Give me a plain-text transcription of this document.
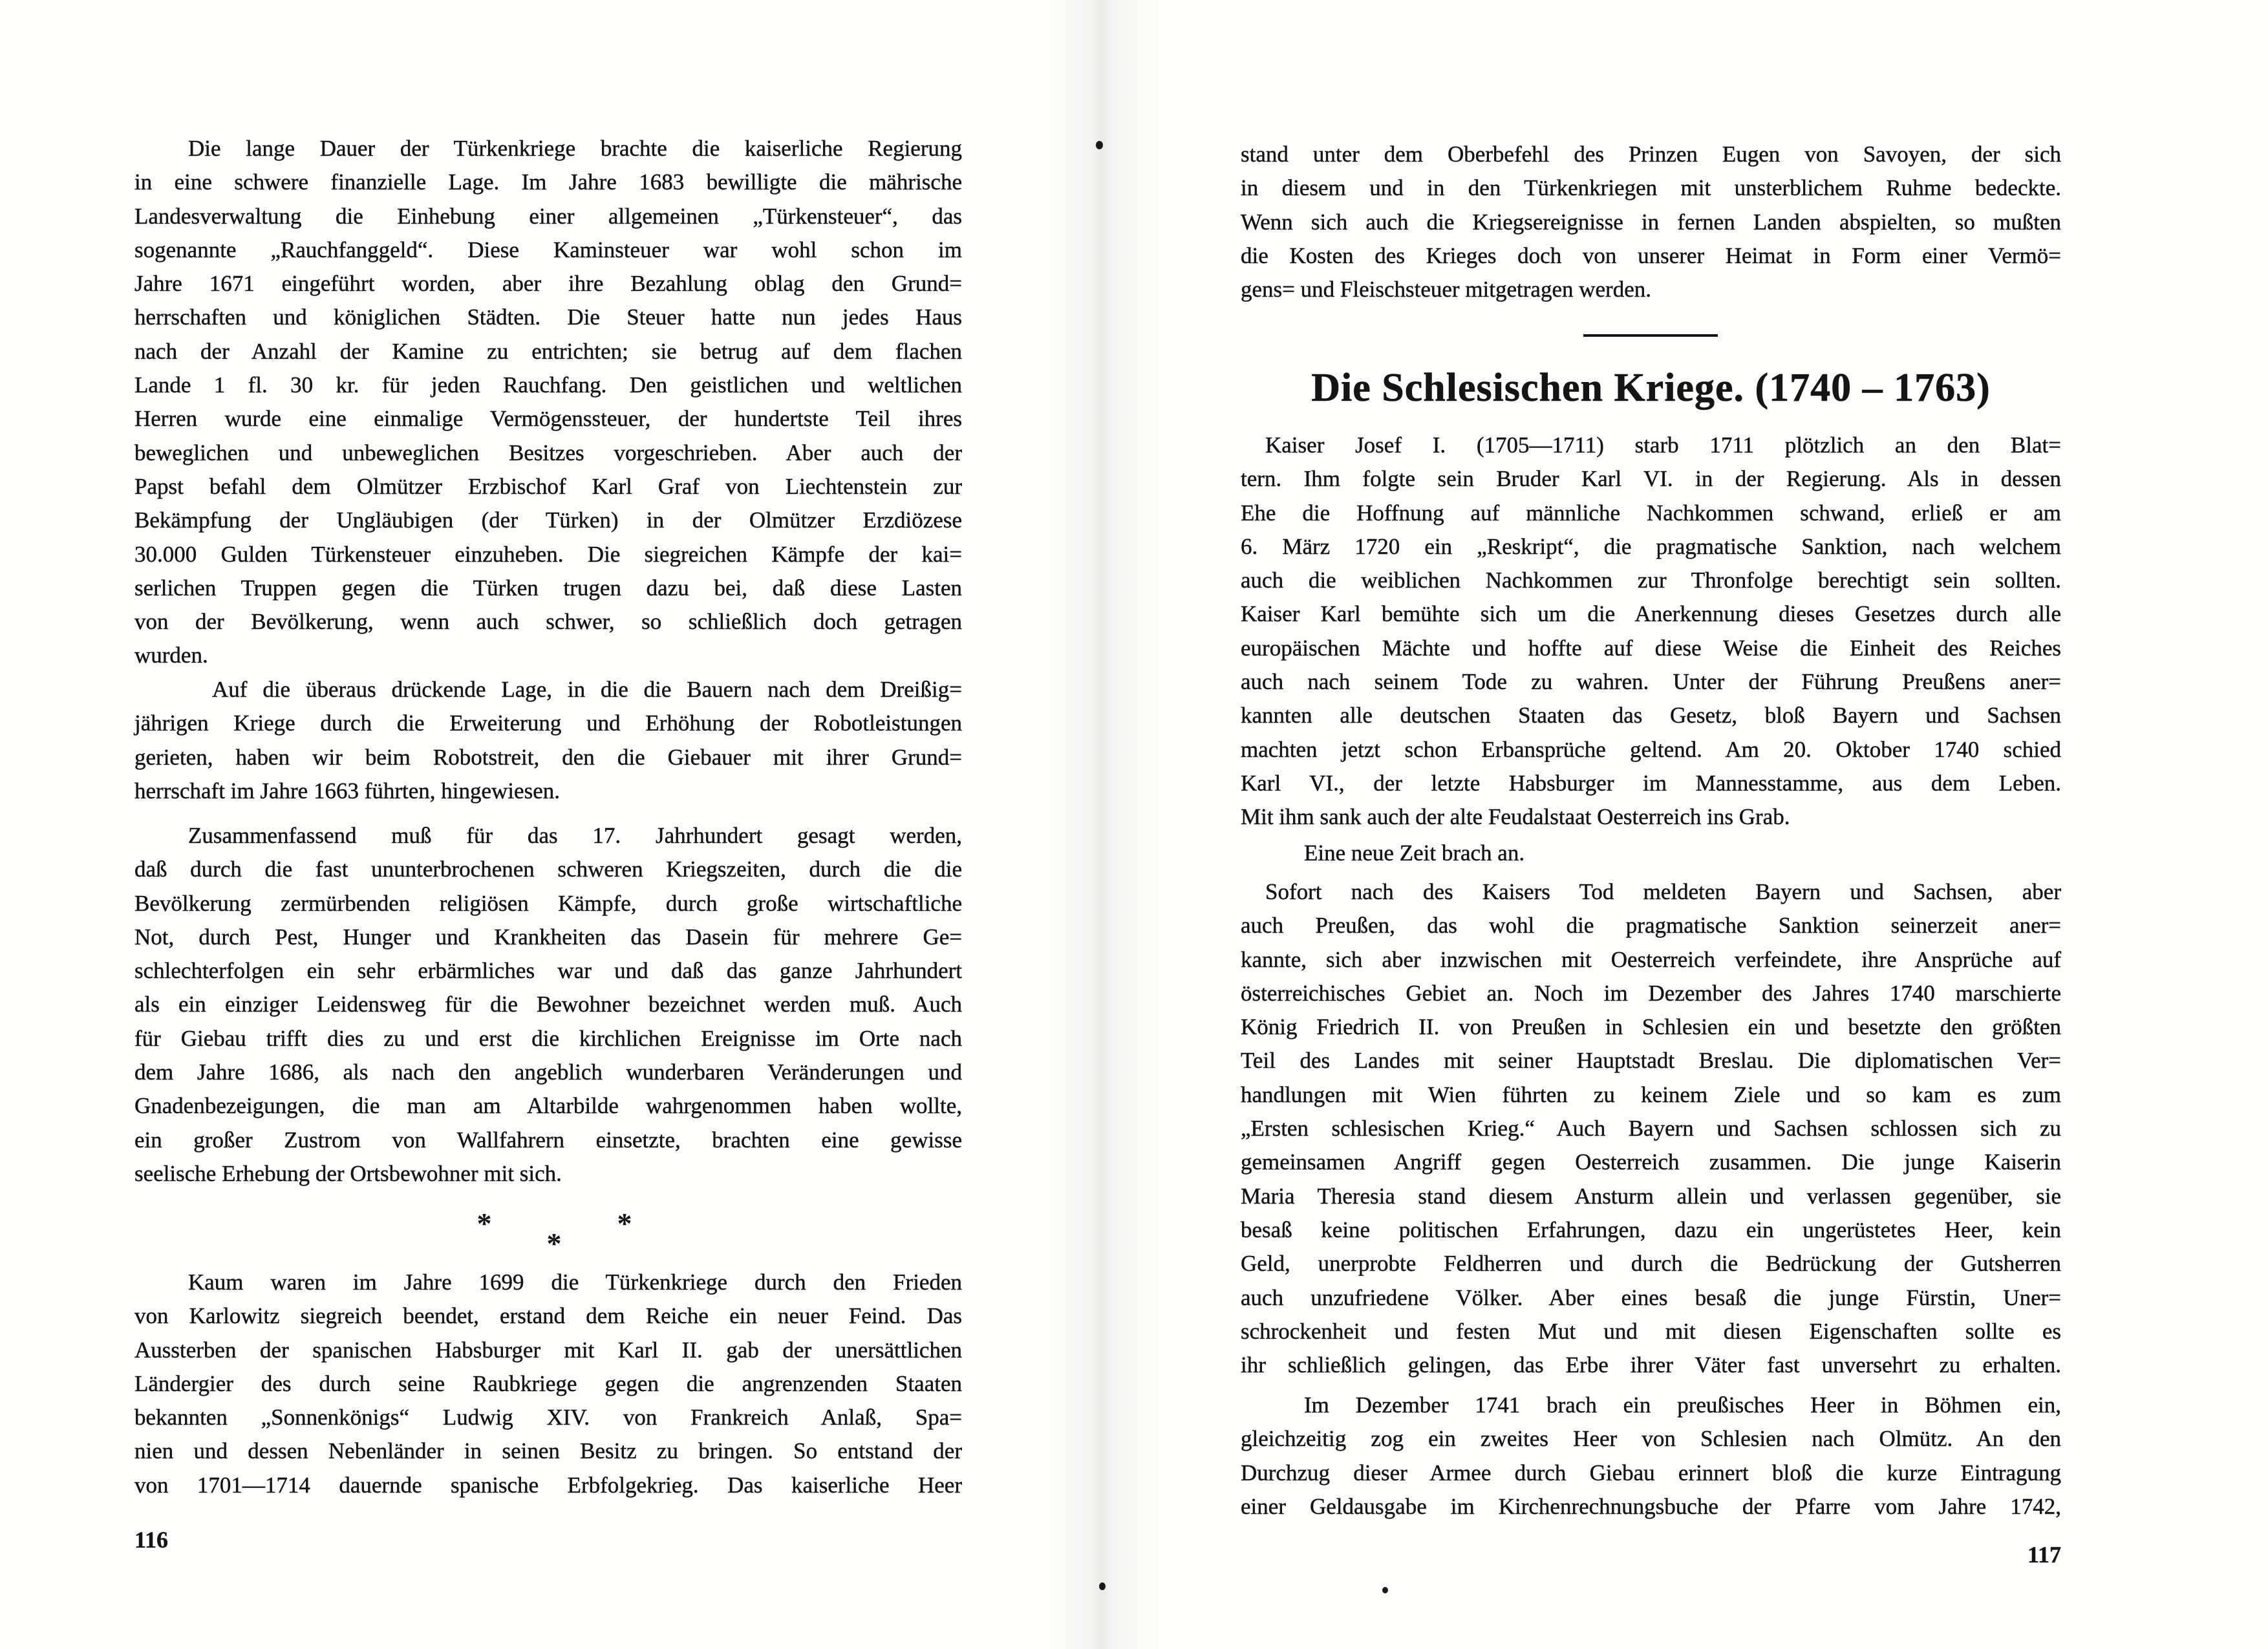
Die lange Dauer der Türkenkriege brachte die kaiserliche Regierung
in eine schwere finanzielle Lage. Im Jahre 1683 bewilligte die mährische
Landesverwaltung die Einhebung einer allgemeinen „Türkensteuer“, das
sogenannte „Rauchfanggeld“. Diese Kaminsteuer war wohl schon im
Jahre 1671 eingeführt worden, aber ihre Bezahlung oblag den Grund=
herrschaften und königlichen Städten. Die Steuer hatte nun jedes Haus
nach der Anzahl der Kamine zu entrichten; sie betrug auf dem flachen
Lande 1 fl. 30 kr. für jeden Rauchfang. Den geistlichen und weltlichen
Herren wurde eine einmalige Vermögenssteuer, der hundertste Teil ihres
beweglichen und unbeweglichen Besitzes vorgeschrieben. Aber auch der
Papst befahl dem Olmützer Erzbischof Karl Graf von Liechtenstein zur
Bekämpfung der Ungläubigen (der Türken) in der Olmützer Erzdiözese
30.000 Gulden Türkensteuer einzuheben. Die siegreichen Kämpfe der kai=
serlichen Truppen gegen die Türken trugen dazu bei, daß diese Lasten
von der Bevölkerung, wenn auch schwer, so schließlich doch getragen
wurden.
Auf die überaus drückende Lage, in die die Bauern nach dem Dreißig=
jährigen Kriege durch die Erweiterung und Erhöhung der Robotleistungen
gerieten, haben wir beim Robotstreit, den die Giebauer mit ihrer Grund=
herrschaft im Jahre 1663 führten, hingewiesen.
Zusammenfassend muß für das 17. Jahrhundert gesagt werden,
daß durch die fast ununterbrochenen schweren Kriegszeiten, durch die die
Bevölkerung zermürbenden religiösen Kämpfe, durch große wirtschaftliche
Not, durch Pest, Hunger und Krankheiten das Dasein für mehrere Ge=
schlechterfolgen ein sehr erbärmliches war und daß das ganze Jahrhundert
als ein einziger Leidensweg für die Bewohner bezeichnet werden muß. Auch
für Giebau trifft dies zu und erst die kirchlichen Ereignisse im Orte nach
dem Jahre 1686, als nach den angeblich wunderbaren Veränderungen und
Gnadenbezeigungen, die man am Altarbilde wahrgenommen haben wollte,
ein großer Zustrom von Wallfahrern einsetzte, brachten eine gewisse
seelische Erhebung der Ortsbewohner mit sich.
*
*
*
Kaum waren im Jahre 1699 die Türkenkriege durch den Frieden
von Karlowitz siegreich beendet, erstand dem Reiche ein neuer Feind. Das
Aussterben der spanischen Habsburger mit Karl II. gab der unersättlichen
Ländergier des durch seine Raubkriege gegen die angrenzenden Staaten
bekannten „Sonnenkönigs“ Ludwig XIV. von Frankreich Anlaß, Spa=
nien und dessen Nebenländer in seinen Besitz zu bringen. So entstand der
von 1701—1714 dauernde spanische Erbfolgekrieg. Das kaiserliche Heer
116
stand unter dem Oberbefehl des Prinzen Eugen von Savoyen, der sich
in diesem und in den Türkenkriegen mit unsterblichem Ruhme bedeckte.
Wenn sich auch die Kriegsereignisse in fernen Landen abspielten, so mußten
die Kosten des Krieges doch von unserer Heimat in Form einer Vermö=
gens= und Fleischsteuer mitgetragen werden.
Die Schlesischen Kriege. (1740 – 1763)
Kaiser Josef I. (1705—1711) starb 1711 plötzlich an den Blat=
tern. Ihm folgte sein Bruder Karl VI. in der Regierung. Als in dessen
Ehe die Hoffnung auf männliche Nachkommen schwand, erließ er am
6. März 1720 ein „Reskript“, die pragmatische Sanktion, nach welchem
auch die weiblichen Nachkommen zur Thronfolge berechtigt sein sollten.
Kaiser Karl bemühte sich um die Anerkennung dieses Gesetzes durch alle
europäischen Mächte und hoffte auf diese Weise die Einheit des Reiches
auch nach seinem Tode zu wahren. Unter der Führung Preußens aner=
kannten alle deutschen Staaten das Gesetz, bloß Bayern und Sachsen
machten jetzt schon Erbansprüche geltend. Am 20. Oktober 1740 schied
Karl VI., der letzte Habsburger im Mannesstamme, aus dem Leben.
Mit ihm sank auch der alte Feudalstaat Oesterreich ins Grab.
Eine neue Zeit brach an.
Sofort nach des Kaisers Tod meldeten Bayern und Sachsen, aber
auch Preußen, das wohl die pragmatische Sanktion seinerzeit aner=
kannte, sich aber inzwischen mit Oesterreich verfeindete, ihre Ansprüche auf
österreichisches Gebiet an. Noch im Dezember des Jahres 1740 marschierte
König Friedrich II. von Preußen in Schlesien ein und besetzte den größten
Teil des Landes mit seiner Hauptstadt Breslau. Die diplomatischen Ver=
handlungen mit Wien führten zu keinem Ziele und so kam es zum
„Ersten schlesischen Krieg.“ Auch Bayern und Sachsen schlossen sich zu
gemeinsamen Angriff gegen Oesterreich zusammen. Die junge Kaiserin
Maria Theresia stand diesem Ansturm allein und verlassen gegenüber, sie
besaß keine politischen Erfahrungen, dazu ein ungerüstetes Heer, kein
Geld, unerprobte Feldherren und durch die Bedrückung der Gutsherren
auch unzufriedene Völker. Aber eines besaß die junge Fürstin, Uner=
schrockenheit und festen Mut und mit diesen Eigenschaften sollte es
ihr schließlich gelingen, das Erbe ihrer Väter fast unversehrt zu erhalten.
Im Dezember 1741 brach ein preußisches Heer in Böhmen ein,
gleichzeitig zog ein zweites Heer von Schlesien nach Olmütz. An den
Durchzug dieser Armee durch Giebau erinnert bloß die kurze Eintragung
einer Geldausgabe im Kirchenrechnungsbuche der Pfarre vom Jahre 1742,
117
